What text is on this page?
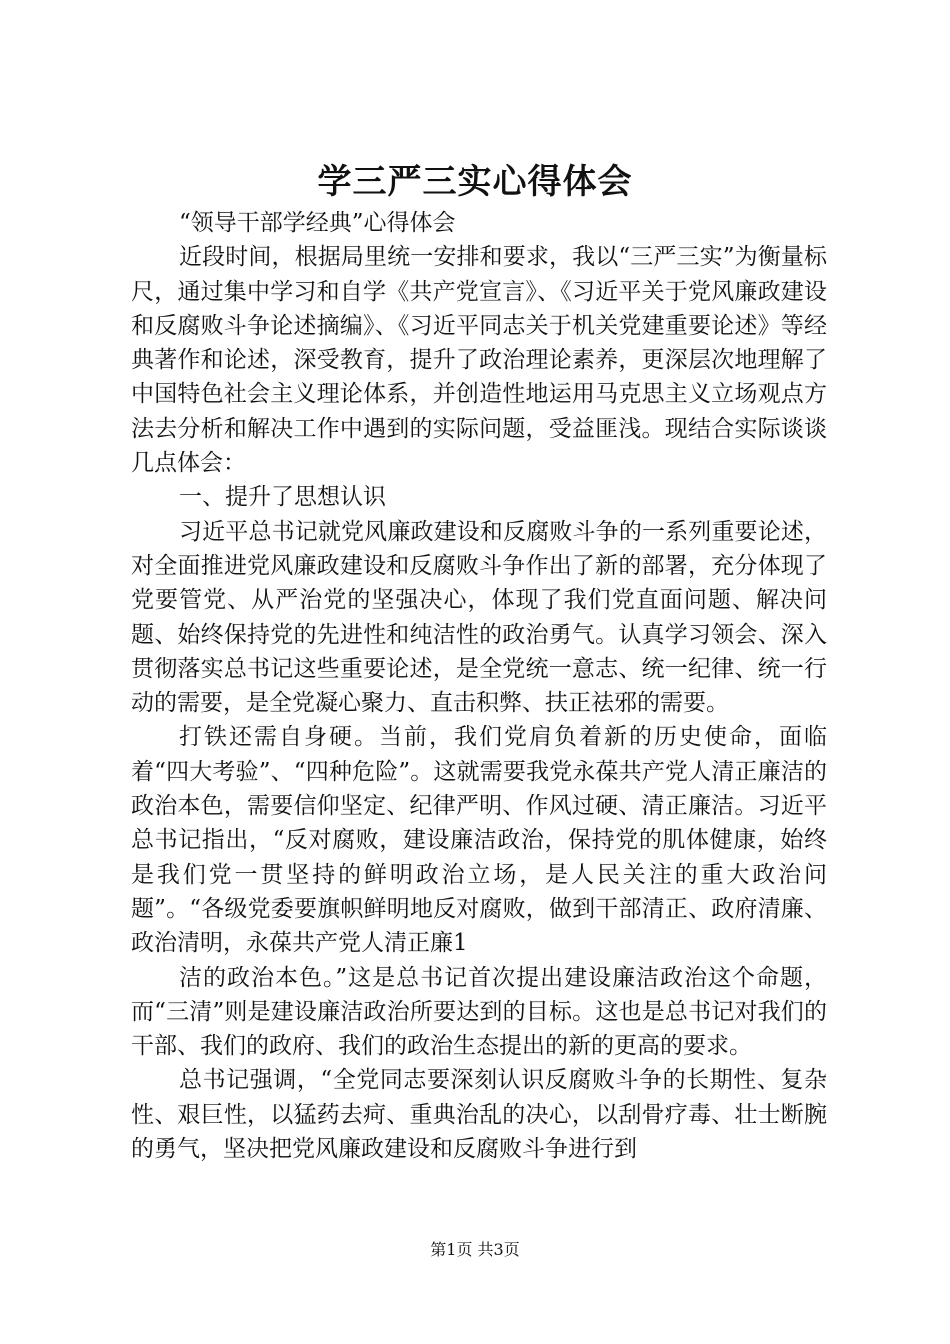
学三严三实心得体会

“领导干部学经典”心得体会

近段时间，根据局里统一安排和要求，我以“三严三实”为衡量标尺，通过集中学习和自学《共产党宣言》、《习近平关于党风廉政建设和反腐败斗争论述摘编》、《习近平同志关于机关党建重要论述》等经典著作和论述，深受教育，提升了政治理论素养，更深层次地理解了中国特色社会主义理论体系，并创造性地运用马克思主义立场观点方法去分析和解决工作中遇到的实际问题，受益匪浅。现结合实际谈谈几点体会：

一、提升了思想认识

习近平总书记就党风廉政建设和反腐败斗争的一系列重要论述，对全面推进党风廉政建设和反腐败斗争作出了新的部署，充分体现了党要管党、从严治党的坚强决心，体现了我们党直面问题、解决问题、始终保持党的先进性和纯洁性的政治勇气。认真学习领会、深入贯彻落实总书记这些重要论述，是全党统一意志、统一纪律、统一行动的需要，是全党凝心聚力、直击积弊、扶正祛邪的需要。

打铁还需自身硬。当前，我们党肩负着新的历史使命，面临着“四大考验”、“四种危险”。这就需要我党永葆共产党人清正廉洁的政治本色，需要信仰坚定、纪律严明、作风过硬、清正廉洁。习近平总书记指出，“反对腐败，建设廉洁政治，保持党的肌体健康，始终是我们党一贯坚持的鲜明政治立场，是人民关注的重大政治问题”。“各级党委要旗帜鲜明地反对腐败，做到干部清正、政府清廉、政治清明，永葆共产党人清正廉1

洁的政治本色。”这是总书记首次提出建设廉洁政治这个命题，而“三清”则是建设廉洁政治所要达到的目标。这也是总书记对我们的干部、我们的政府、我们的政治生态提出的新的更高的要求。

总书记强调，“全党同志要深刻认识反腐败斗争的长期性、复杂性、艰巨性，以猛药去疴、重典治乱的决心，以刮骨疗毒、壮士断腕的勇气，坚决把党风廉政建设和反腐败斗争进行到

第1页 共3页
